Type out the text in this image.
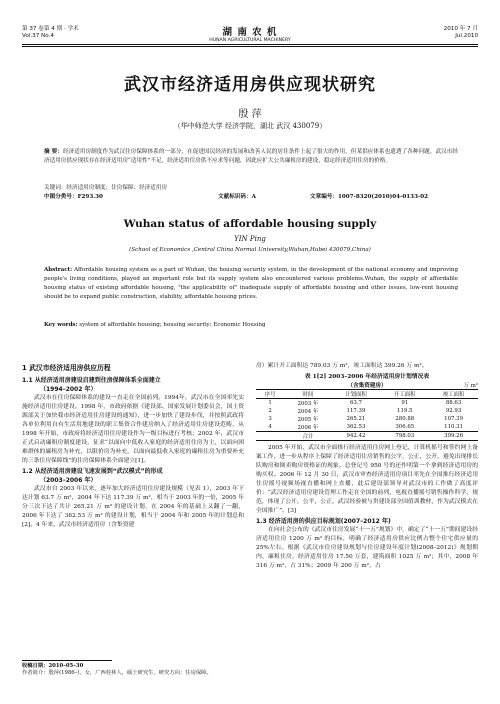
第 37 卷第 4 期 · 学术
Vol.37 No.4	湖 南 农 机
HUNAN AGRICULTURAL MACHINERY
2010 年 7 月
Jul.2010
武汉市经济适用房供应现状研究
殷 萍
（华中师范大学 经济学院，湖北 武汉 430079）
摘 要：经济适用房制度作为武汉住房保障体系的一部分，在促进国民经济的发展和改善人民的居住条件上起了很大的作用，但某供应体系也遗透了各种问题。武汉市经济适用房供应现状存在经济适用房“适用性”不足，经济适用住房供不应求等问题，因此应扩大公共廉租房的建设，稳定经济适用住房的价格。
关键词：经济适用房制度；住房保障；经济适用房
中图分类号：F293.30	文献标识码：A	文章编号：1007-8320(2010)04-0133-02
Wuhan status of affordable housing supply
YIN Ping
(School of Economics ,Central China Normal University,Wuhan,Hubei 430079,China)
Abstract: Affordable housing system as a part of Wuhan, the housing security system, in the development of the national economy and improving people's living conditions, played an important role but its supply system also encountered various problems.Wuhan, the supply of affordable housing status of existing affordable housing, "the applicability of" inadequate supply of affordable housing and other issues, low-rent housing should be to expand public construction, stability, affordable housing prices.
Key words: system of affordable housing; housing security; Economic Housing
1 武汉市经济适用房供应历程
1.1 从经济适用房建设启建到住房保障体系全面建立
（1994–2002 年）

武汉市在住房保障体系的建设一直走在全国前列。1994年，武汉市在全国率先实施经济适用住房建设。1998 年，市政府依据《建设部、国家发展计划委员会，国土资源部关于加快我市经济适用住房建设的通知》，进一步加快了建设步伐，并按照武政将各单位利用自有生活用地建设的职工集资合作建房纳入了经济适用住房建设范畴，从 1998 年开始，市政府将经济适用住房建设作为一级目标进行考核；2002 年，武汉市正式启动廉租房制度建设，征求“以面向中低收入家庭的经济适用住房为主，以面向困难群体的廉租房为补充，以限价房为补充，以面向最低收入家庭的廉租住房为重要补充的三条住房保障线”的住房保障体系全面建立[1]。

1.2 从经济适用房建设飞速发展到“武汉模式”的形成
（2003–2006 年）

武汉市自 2003 年以来，逐年加大经济适用住房建设规模（见表 1），2003 年下达计划 63.7 万 m²，2004 年下达 117.39 万 m²，相当于 2003 年的一倍，2005 年分三次下达了共计 265.21 万 m² 的建设计划，在 2004 年的基础上又翻了一翻，2006 年下达了 362.53 万 m² 的建设计划，相当于 2004 年和 2005 年的计划总和[2]。4 年来，武汉市经济适用房（含集资建

收稿日期：2010–05–30
作者简介：殷萍(1986–)，女，广西桂林人，硕士研究生，研究方向：住房保障。

房）累计开工面积达 789.03 万 m²，竣工面积达 399.26 万 m²。

表 1[2] 2003–2006 年经济适用房计划情况表
（含集资建房）	万 m²
序号	时间	计划面积	开工面积	竣工面积
1	2003 年	63.7	91	88.63
2	2004 年	117.39	119.5	92.93
3	2005 年	265.21	280.88	107.39
4	2006 年	362.53	306.65	110.31
	合计	942.42	798.03	399.26

2005 年开始，武汉市全面推行经济适用住房网上登记，计算机摇号和签约网上备案工作，进一步从程序上保障了经济适用住房销售的公平，公正，公开，避免出现排长队购房和倒卖购房资格证的现象。总登记号 950 号的还作明第一个拿到经济适用房的购买权。2006 年 12 月 30 日，武汉市审查经济适用房项目率先在全国推行经济适用住房摇号视频场视直播和网上直播，此后建设部领导对武汉市的工作做了高度评价：“武汉经济适用房建设管理工作走在全国的前列，电视直播摇号销售操作科学，规范，体现了公开，公平，公正，武汉经验被与贵建设部全国值训教材，作为武汉模式在全国推广”。[3]

1.3 经济适用房的供应目标规划(2007–2012 年)

在向社会公布的《武汉市住房发展“十一五”规划》中，确定了“十一五”期间建设经济适用住房 1200 万 m² 的目标，明确了经济适用房供应比例占整个住宅供应量的 25%左右。根据《武汉市住房建设规划与住房建设年度计划(2008–2012)》规划期内，廉租住房，经济适用住房 17.50 万套，建筑面积 1025 万 m²；其中，2008 年 316 万 m²，占 31%；2009 年 200 万 m²，占

133
